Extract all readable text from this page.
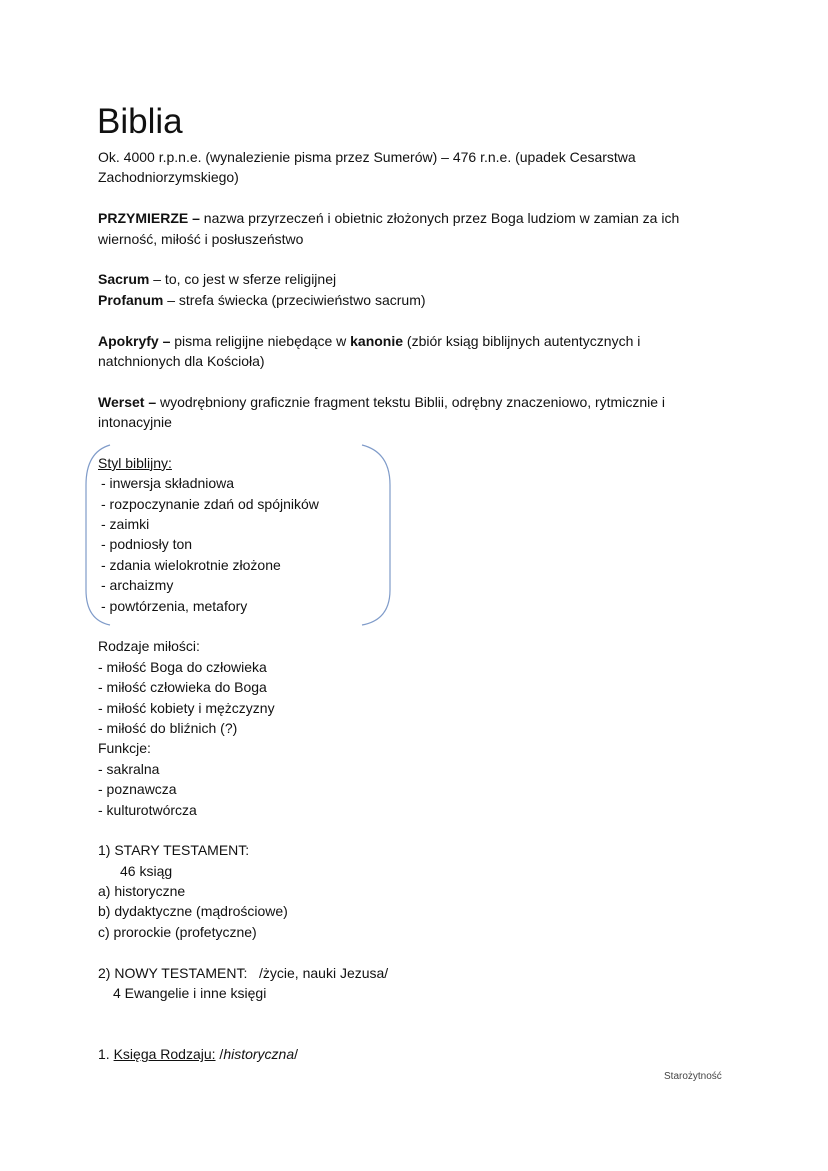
Biblia
Ok. 4000 r.p.n.e. (wynalezienie pisma przez Sumerów) – 476 r.n.e. (upadek Cesarstwa
Zachodniorzymskiego)
PRZYMIERZE – nazwa przyrzeczeń i obietnic złożonych przez Boga ludziom w zamian za ich
wierność, miłość i posłuszeństwo
Sacrum – to, co jest w sferze religijnej
Profanum – strefa świecka (przeciwieństwo sacrum)
Apokryfy – pisma religijne niebędące w kanonie (zbiór ksiąg biblijnych autentycznych i
natchnionych dla Kościoła)
Werset – wyodrębniony graficznie fragment tekstu Biblii, odrębny znaczeniowo, rytmicznie i
intonacyjnie
Styl biblijny:
- inwersja składniowa
- rozpoczynanie zdań od spójników
- zaimki
- podniosły ton
- zdania wielokrotnie złożone
- archaizmy
- powtórzenia, metafory
Rodzaje miłości:
- miłość Boga do człowieka
- miłość człowieka do Boga
- miłość kobiety i mężczyzny
- miłość do bliźnich (?)
Funkcje:
- sakralna
- poznawcza
- kulturotwórcza
1) STARY TESTAMENT:
46 ksiąg
a) historyczne
b) dydaktyczne (mądrościowe)
c) prorockie (profetyczne)
2) NOWY TESTAMENT:   /życie, nauki Jezusa/
4 Ewangelie i inne księgi
1. Księga Rodzaju: /historyczna/
Starożytność
